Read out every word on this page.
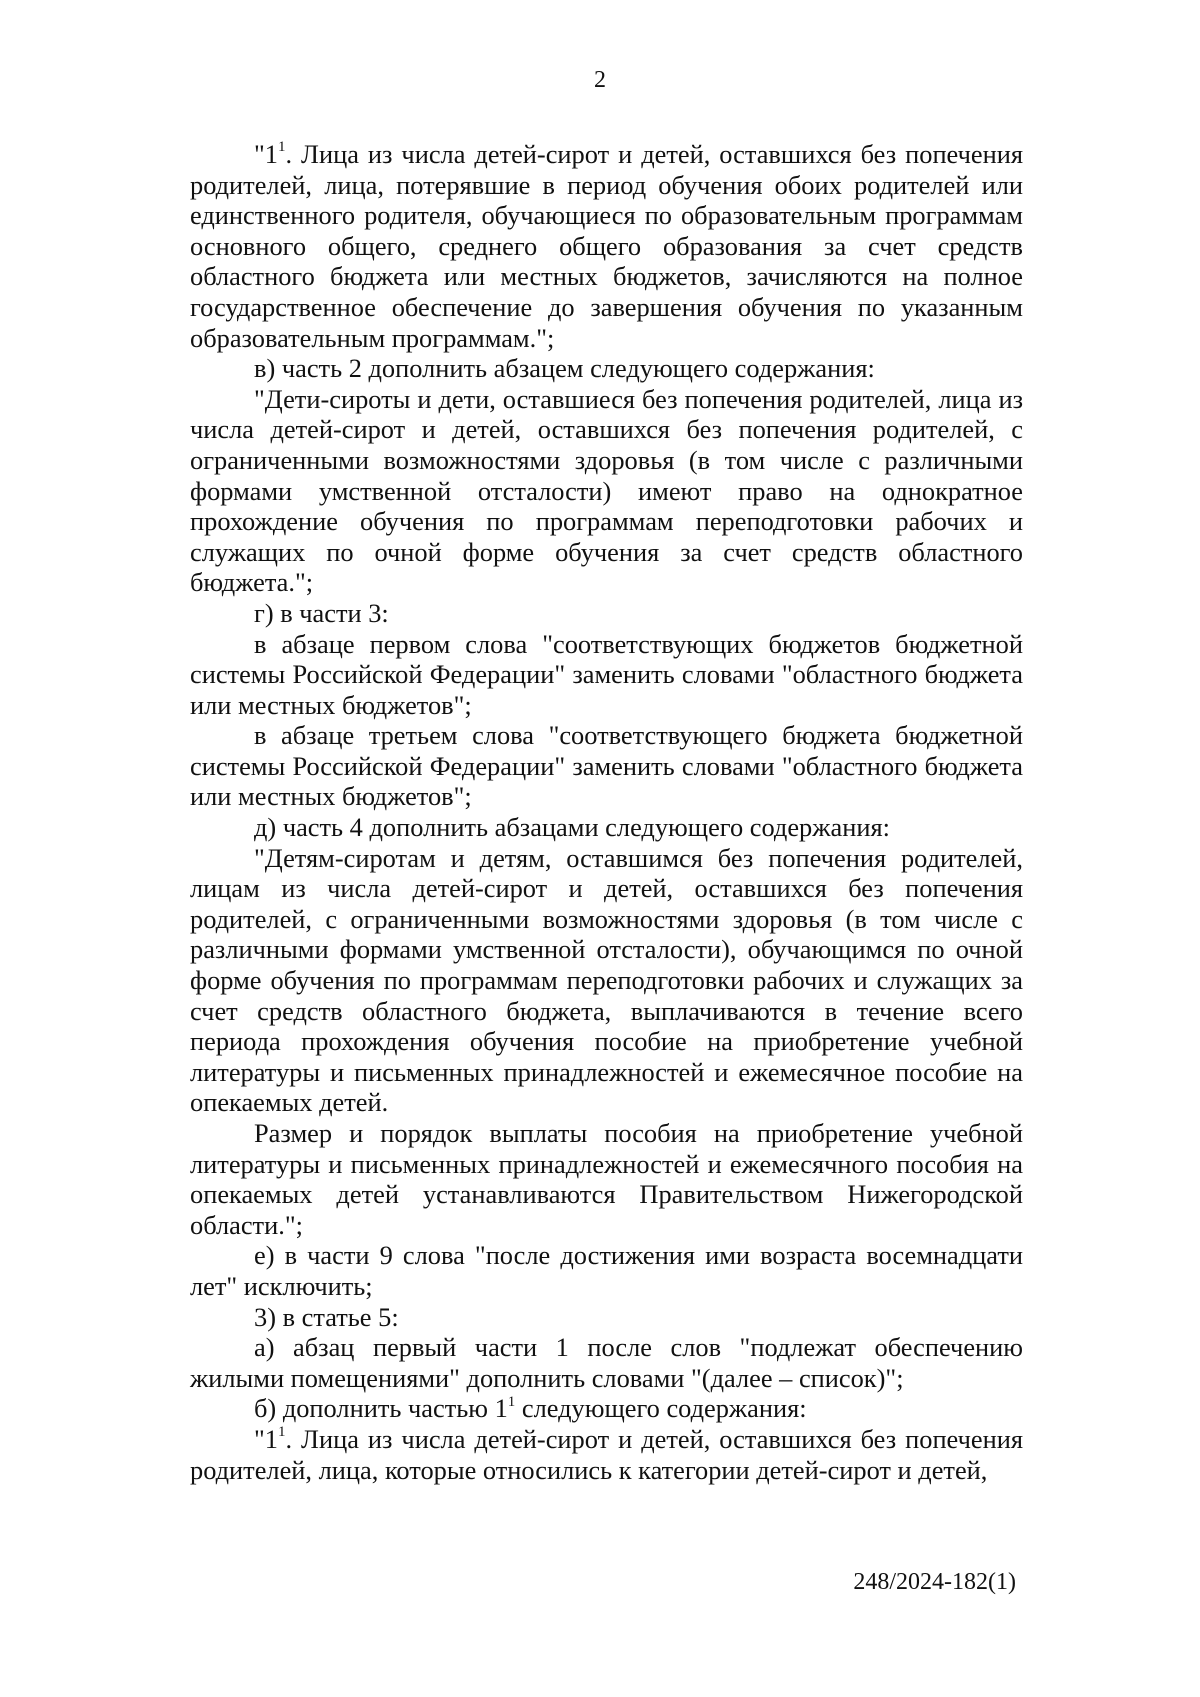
2

"$1^1$. Лица из числа детей-сирот и детей, оставшихся без попечения родителей, лица, потерявшие в период обучения обоих родителей или единственного родителя, обучающиеся по образовательным программам основного общего, среднего общего образования за счет средств областного бюджета или местных бюджетов, зачисляются на полное государственное обеспечение до завершения обучения по указанным образовательным программам.";

в) часть 2 дополнить абзацем следующего содержания:

"Дети-сироты и дети, оставшиеся без попечения родителей, лица из числа детей-сирот и детей, оставшихся без попечения родителей, с ограниченными возможностями здоровья (в том числе с различными формами умственной отсталости) имеют право на однократное прохождение обучения по программам переподготовки рабочих и служащих по очной форме обучения за счет средств областного бюджета.";

г) в части 3:

в абзаце первом слова "соответствующих бюджетов бюджетной системы Российской Федерации" заменить словами "областного бюджета или местных бюджетов";

в абзаце третьем слова "соответствующего бюджета бюджетной системы Российской Федерации" заменить словами "областного бюджета или местных бюджетов";

д) часть 4 дополнить абзацами следующего содержания:

"Детям-сиротам и детям, оставшимся без попечения родителей, лицам из числа детей-сирот и детей, оставшихся без попечения родителей, с ограниченными возможностями здоровья (в том числе с различными формами умственной отсталости), обучающимся по очной форме обучения по программам переподготовки рабочих и служащих за счет средств областного бюджета, выплачиваются в течение всего периода прохождения обучения пособие на приобретение учебной литературы и письменных принадлежностей и ежемесячное пособие на опекаемых детей.

Размер и порядок выплаты пособия на приобретение учебной литературы и письменных принадлежностей и ежемесячного пособия на опекаемых детей устанавливаются Правительством Нижегородской области.";

е) в части 9 слова "после достижения ими возраста восемнадцати лет" исключить;

3) в статье 5:

а) абзац первый части 1 после слов "подлежат обеспечению жилыми помещениями" дополнить словами "(далее – список)";

б) дополнить частью $1^1$ следующего содержания:

"$1^1$. Лица из числа детей-сирот и детей, оставшихся без попечения родителей, лица, которые относились к категории детей-сирот и детей,

248/2024-182(1)
